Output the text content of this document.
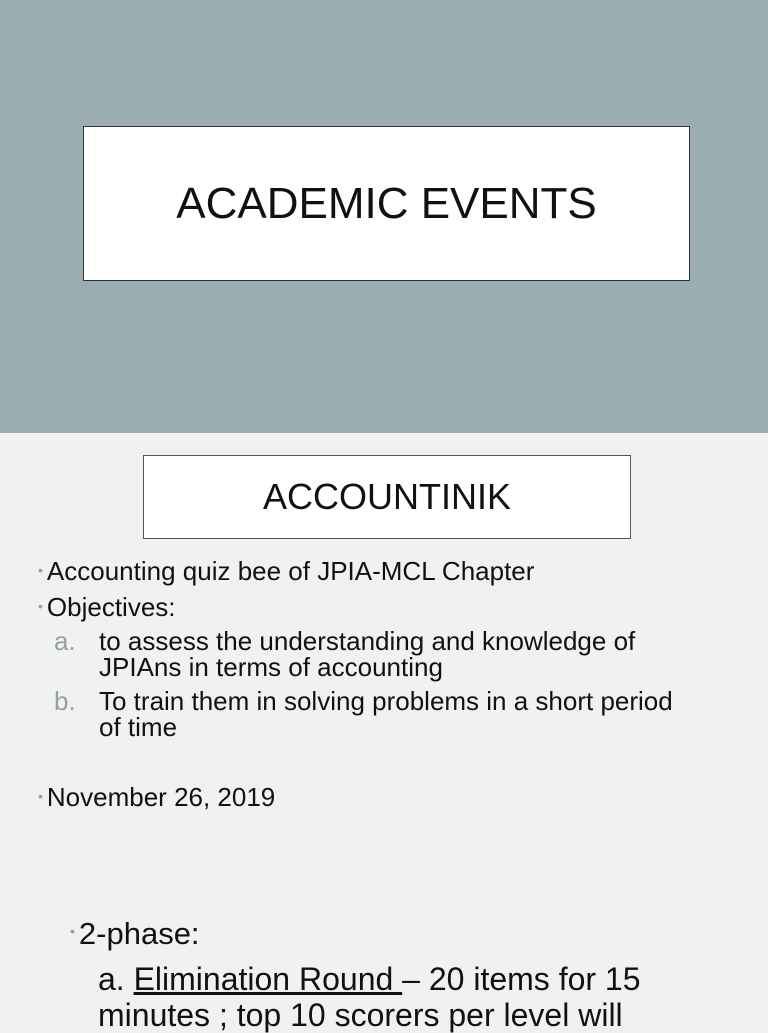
ACADEMIC EVENTS
ACCOUNTINIK
• Accounting quiz bee of JPIA-MCL Chapter
• Objectives:
a. to assess the understanding and knowledge of
JPIAns in terms of accounting
b. To train them in solving problems in a short period
of time
• November 26, 2019
• 2-phase:
a. Elimination Round – 20 items for 15 minutes ; top 10 scorers per level will
